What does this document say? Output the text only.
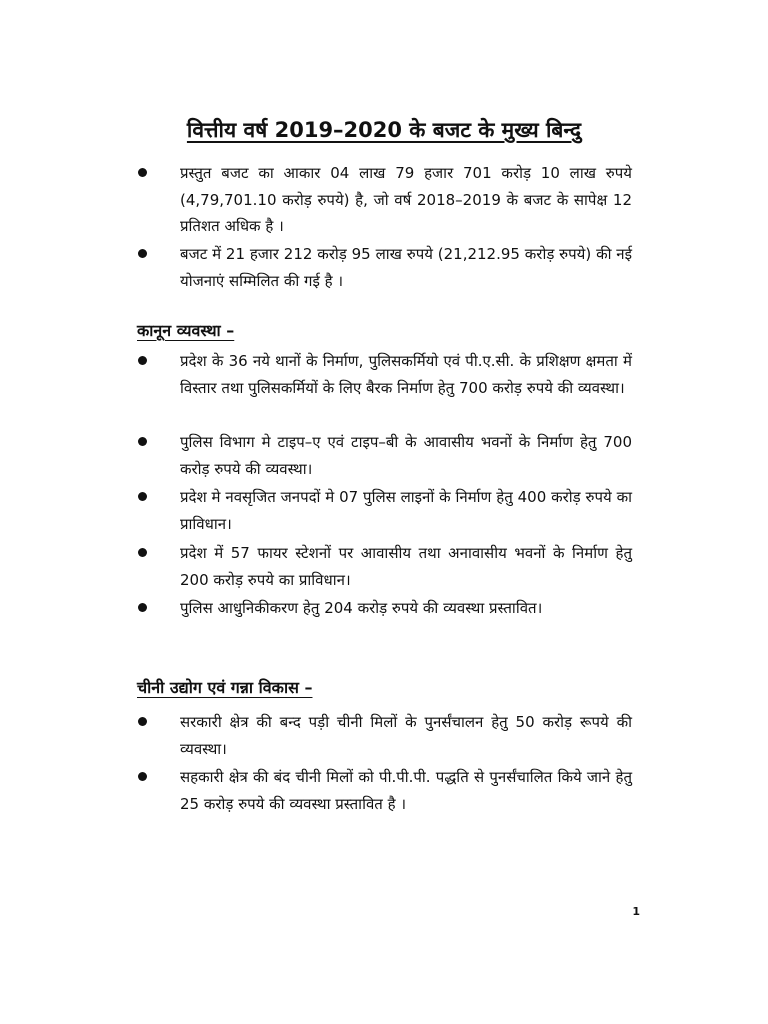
वित्तीय वर्ष 2019–2020 के बजट के मुख्य बिन्दु
प्रस्तुत बजट का आकार 04 लाख 79 हजार 701 करोड़ 10 लाख रुपये (4,79,701.10 करोड़ रुपये) है, जो वर्ष 2018–2019 के बजट के सापेक्ष 12 प्रतिशत अधिक है ।
बजट में 21 हजार 212 करोड़ 95 लाख रुपये (21,212.95 करोड़ रुपये) की नई योजनाएं सम्मिलित की गई है ।
कानून व्यवस्था –
प्रदेश के 36 नये थानों के निर्माण, पुलिसकर्मियो एवं पी.ए.सी. के प्रशिक्षण क्षमता में विस्तार तथा पुलिसकर्मियों के लिए बैरक निर्माण हेतु 700 करोड़ रुपये की व्यवस्था।
पुलिस विभाग मे टाइप–ए एवं टाइप–बी के आवासीय भवनों के निर्माण हेतु 700 करोड़ रुपये की व्यवस्था।
प्रदेश मे नवसृजित जनपदों मे 07 पुलिस लाइनों के निर्माण हेतु 400 करोड़ रुपये का प्राविधान।
प्रदेश में 57 फायर स्टेशनों पर आवासीय तथा अनावासीय भवनों के निर्माण हेतु 200 करोड़ रुपये का प्राविधान।
पुलिस आधुनिकीकरण हेतु 204 करोड़ रुपये की व्यवस्था प्रस्तावित।
चीनी उद्योग एवं गन्ना विकास –
सरकारी क्षेत्र की बन्द पड़ी चीनी मिलों के पुनर्संचालन हेतु 50 करोड़ रूपये की व्यवस्था।
सहकारी क्षेत्र की बंद चीनी मिलों को पी.पी.पी. पद्धति से पुनर्संचालित किये जाने हेतु 25 करोड़ रुपये की व्यवस्था प्रस्तावित है ।
1
